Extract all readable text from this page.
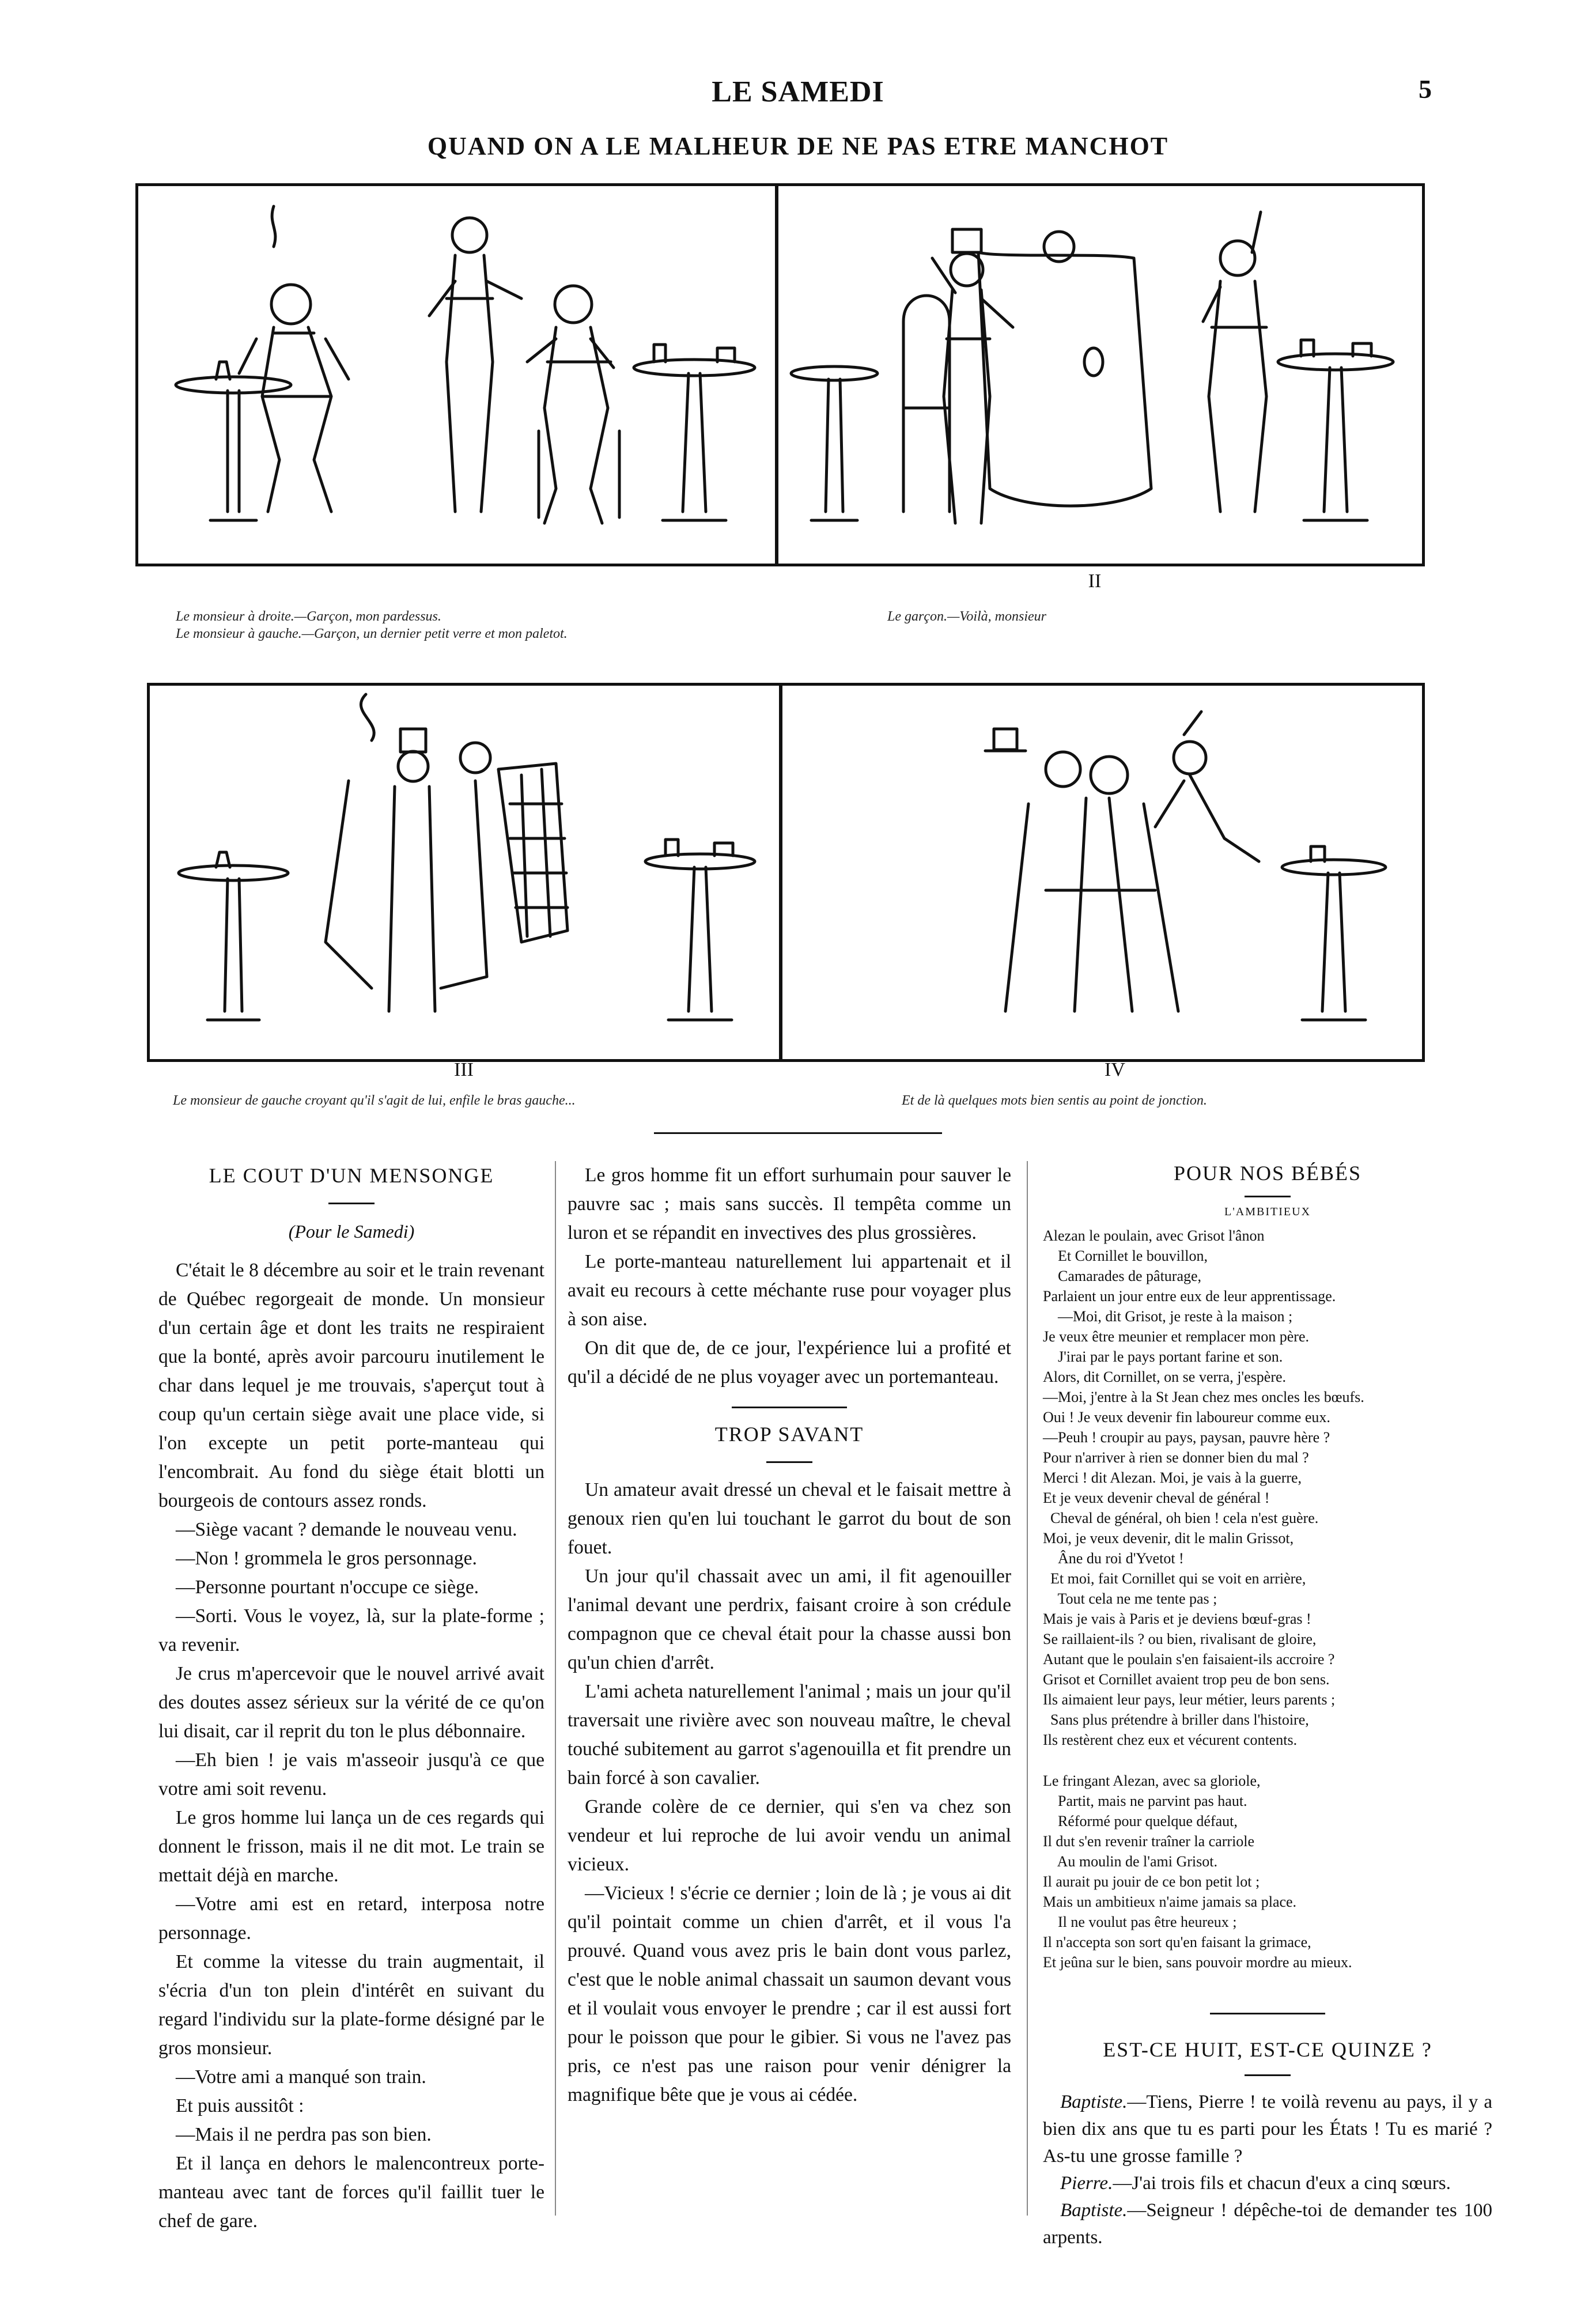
LE SAMEDI	5
QUAND ON A LE MALHEUR DE NE PAS ETRE MANCHOT
II
Le monsieur à droite.—Garçon, mon pardessus.
Le monsieur à gauche.—Garçon, un dernier petit verre et mon paletot.
Le garçon.—Voilà, monsieur
III	IV
Le monsieur de gauche croyant qu'il s'agit de lui, enfile le bras gauche...	Et de là quelques mots bien sentis au point de jonction.
LE COUT D'UN MENSONGE
(Pour le Samedi)

C'était le 8 décembre au soir et le train revenant de Québec regorgeait de monde. Un monsieur d'un certain âge et dont les traits ne respiraient que la bonté, après avoir parcouru inutilement le char dans lequel je me trouvais, s'aperçut tout à coup qu'un certain siège avait une place vide, si l'on excepte un petit porte-manteau qui l'encombrait. Au fond du siège était blotti un bourgeois de contours assez ronds.

—Siège vacant ? demande le nouveau venu.

—Non ! grommela le gros personnage.

—Personne pourtant n'occupe ce siège.

—Sorti. Vous le voyez, là, sur la plate-forme ; va revenir.

Je crus m'apercevoir que le nouvel arrivé avait des doutes assez sérieux sur la vérité de ce qu'on lui disait, car il reprit du ton le plus débonnaire.

—Eh bien ! je vais m'asseoir jusqu'à ce que votre ami soit revenu.

Le gros homme lui lança un de ces regards qui donnent le frisson, mais il ne dit mot. Le train se mettait déjà en marche.

—Votre ami est en retard, interposa notre personnage.

Et comme la vitesse du train augmentait, il s'écria d'un ton plein d'intérêt en suivant du regard l'individu sur la plate-forme désigné par le gros monsieur.

—Votre ami a manqué son train.

Et puis aussitôt :

—Mais il ne perdra pas son bien.

Et il lança en dehors le malencontreux porte-manteau avec tant de forces qu'il faillit tuer le chef de gare.

Le gros homme fit un effort surhumain pour sauver le pauvre sac ; mais sans succès. Il tempêta comme un luron et se répandit en invectives des plus grossières.

Le porte-manteau naturellement lui appartenait et il avait eu recours à cette méchante ruse pour voyager plus à son aise.

On dit que de, de ce jour, l'expérience lui a profité et qu'il a décidé de ne plus voyager avec un portemanteau.

TROP SAVANT

Un amateur avait dressé un cheval et le faisait mettre à genoux rien qu'en lui touchant le garrot du bout de son fouet.

Un jour qu'il chassait avec un ami, il fit agenouiller l'animal devant une perdrix, faisant croire à son crédule compagnon que ce cheval était pour la chasse aussi bon qu'un chien d'arrêt.

L'ami acheta naturellement l'animal ; mais un jour qu'il traversait une rivière avec son nouveau maître, le cheval touché subitement au garrot s'agenouilla et fit prendre un bain forcé à son cavalier.

Grande colère de ce dernier, qui s'en va chez son vendeur et lui reproche de lui avoir vendu un animal vicieux.

—Vicieux ! s'écrie ce dernier ; loin de là ; je vous ai dit qu'il pointait comme un chien d'arrêt, et il vous l'a prouvé. Quand vous avez pris le bain dont vous parlez, c'est que le noble animal chassait un saumon devant vous et il voulait vous envoyer le prendre ; car il est aussi fort pour le poisson que pour le gibier. Si vous ne l'avez pas pris, ce n'est pas une raison pour venir dénigrer la magnifique bête que je vous ai cédée.

POUR NOS BÉBÉS
L'AMBITIEUX
Alezan le poulain, avec Grisot l'ânon
Et Cornillet le bouvillon,
Camarades de pâturage,
Parlaient un jour entre eux de leur apprentissage.
—Moi, dit Grisot, je reste à la maison ;
Je veux être meunier et remplacer mon père.
J'irai par le pays portant farine et son.
Alors, dit Cornillet, on se verra, j'espère.
—Moi, j'entre à la St Jean chez mes oncles les bœufs.
Oui ! Je veux devenir fin laboureur comme eux.
—Peuh ! croupir au pays, paysan, pauvre hère ?
Pour n'arriver à rien se donner bien du mal ?
Merci ! dit Alezan. Moi, je vais à la guerre,
Et je veux devenir cheval de général !
Cheval de général, oh bien ! cela n'est guère.
Moi, je veux devenir, dit le malin Grissot,
Âne du roi d'Yvetot !
Et moi, fait Cornillet qui se voit en arrière,
Tout cela ne me tente pas ;
Mais je vais à Paris et je deviens bœuf-gras !
Se raillaient-ils ? ou bien, rivalisant de gloire,
Autant que le poulain s'en faisaient-ils accroire ?
Grisot et Cornillet avaient trop peu de bon sens.
Ils aimaient leur pays, leur métier, leurs parents ;
Sans plus prétendre à briller dans l'histoire,
Ils restèrent chez eux et vécurent contents.
Le fringant Alezan, avec sa gloriole,
Partit, mais ne parvint pas haut.
Réformé pour quelque défaut,
Il dut s'en revenir traîner la carriole
Au moulin de l'ami Grisot.
Il aurait pu jouir de ce bon petit lot ;
Mais un ambitieux n'aime jamais sa place.
Il ne voulut pas être heureux ;
Il n'accepta son sort qu'en faisant la grimace,
Et jeûna sur le bien, sans pouvoir mordre au mieux.
EST-CE HUIT, EST-CE QUINZE ?

Baptiste.—Tiens, Pierre ! te voilà revenu au pays, il y a bien dix ans que tu es parti pour les États ! Tu es marié ? As-tu une grosse famille ?

Pierre.—J'ai trois fils et chacun d'eux a cinq sœurs.

Baptiste.—Seigneur ! dépêche-toi de demander tes 100 arpents.
